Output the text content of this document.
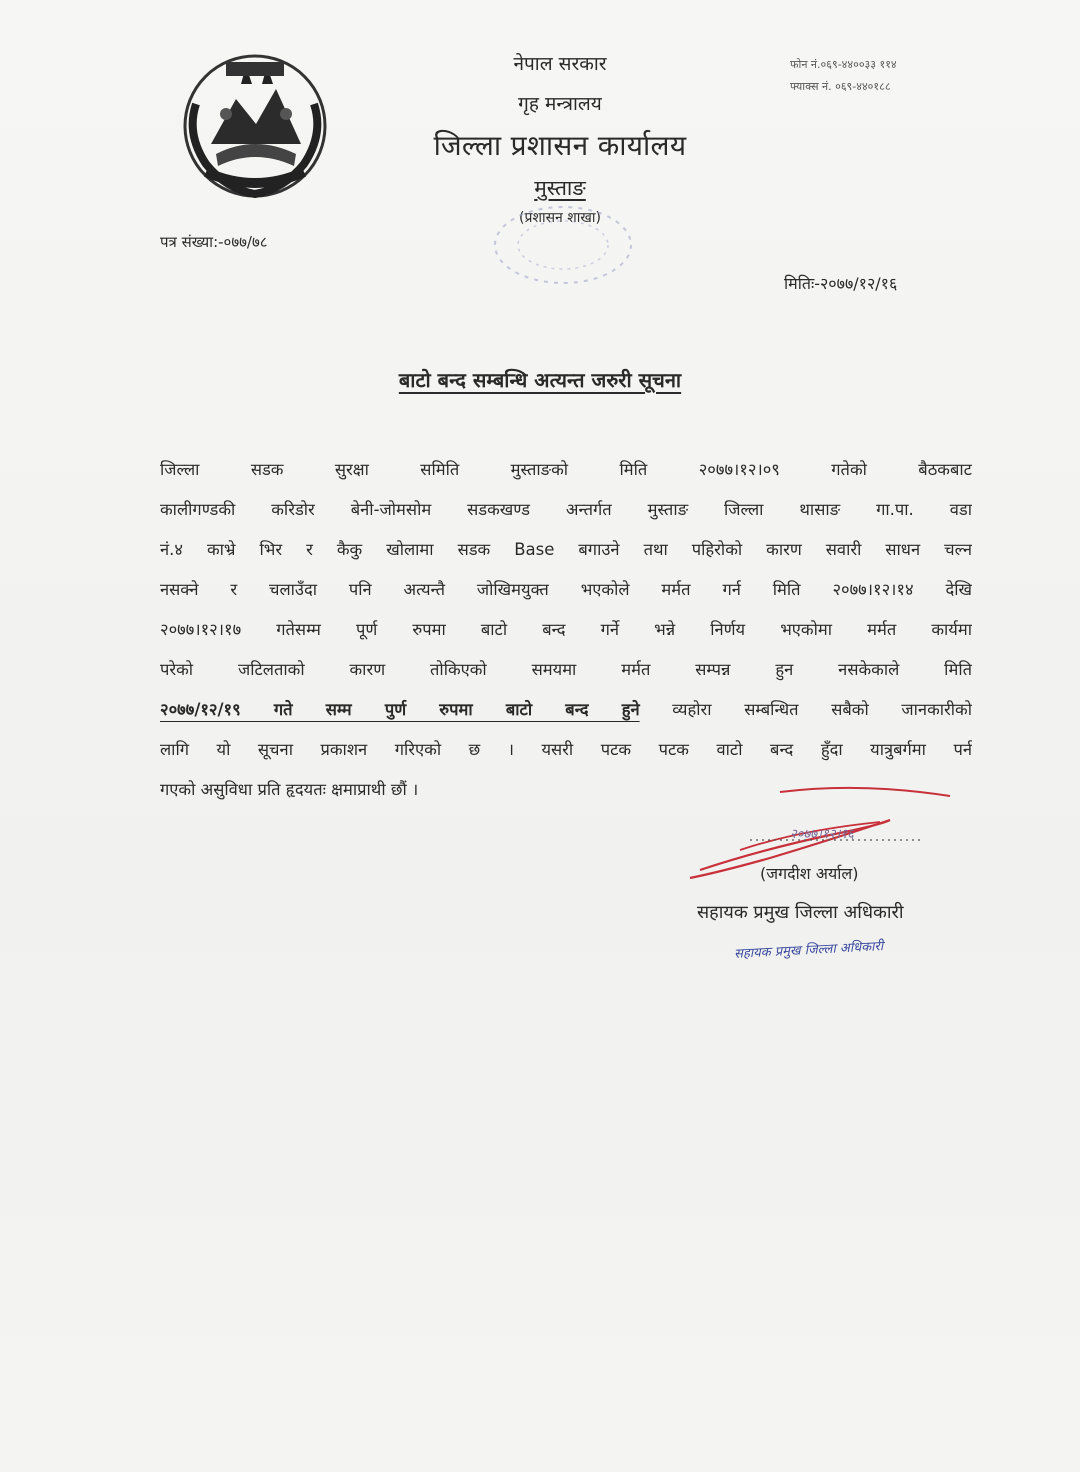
नेपाल सरकार
गृह मन्त्रालय
जिल्ला प्रशासन कार्यालय
मुस्ताङ
(प्रशासन शाखा)
फोन नं.०६९-४४००३३ ११४
फ्याक्स नं. ०६९-४४०१८८
पत्र संख्या:-०७७/७८
मितिः-२०७७/१२/१६
बाटो बन्द सम्बन्धि अत्यन्त जरुरी सूचना
जिल्ला सडक सुरक्षा समिति मुस्ताङको मिति २०७७।१२।०९ गतेको बैठकबाट
कालीगण्डकी करिडोर बेनी-जोमसोम सडकखण्ड अन्तर्गत मुस्ताङ जिल्ला थासाङ गा.पा. वडा
नं.४ काभ्रे भिर र कैकु खोलामा सडक Base बगाउने तथा पहिरोको कारण सवारी साधन चल्न
नसक्ने र चलाउँदा पनि अत्यन्तै जोखिमयुक्त भएकोले मर्मत गर्न मिति २०७७।१२।१४ देखि
२०७७।१२।१७ गतेसम्म पूर्ण रुपमा बाटो बन्द गर्ने भन्ने निर्णय भएकोमा मर्मत कार्यमा
परेको जटिलताको कारण तोकिएको समयमा मर्मत सम्पन्न हुन नसकेकाले मिति
२०७७/१२/१९ गते सम्म पुर्ण रुपमा बाटो बन्द हुने व्यहोरा सम्बन्धित सबैको जानकारीको
लागि यो सूचना प्रकाशन गरिएको छ । यसरी पटक पटक वाटो बन्द हुँदा यात्रुबर्गमा पर्न
गएको असुविधा प्रति हृदयतः क्षमाप्राथी छौं ।
२०७७।१२।१६
(जगदीश अर्याल)
सहायक प्रमुख जिल्ला अधिकारी
सहायक प्रमुख जिल्ला अधिकारी
